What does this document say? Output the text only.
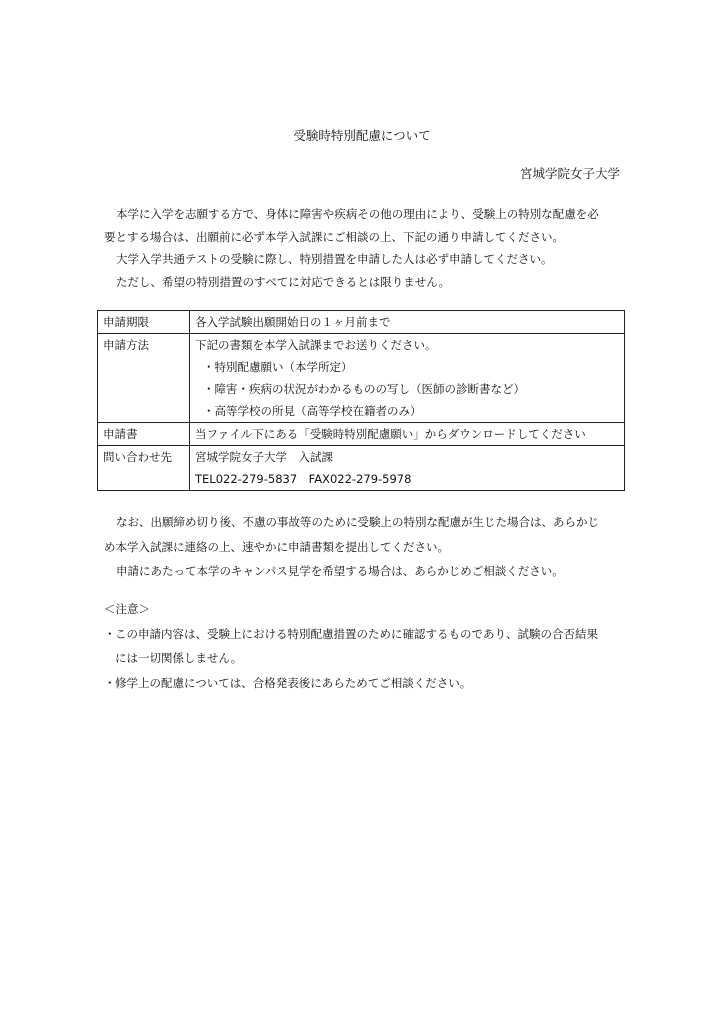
受験時特別配慮について
宮城学院女子大学

本学に入学を志願する方で、身体に障害や疾病その他の理由により、受験上の特別な配慮を必

要とする場合は、出願前に必ず本学入試課にご相談の上、下記の通り申請してください。

大学入学共通テストの受験に際し、特別措置を申請した人は必ず申請してください。

ただし、希望の特別措置のすべてに対応できるとは限りません。

申請期限	各入学試験出願開始日の１ヶ月前まで

申請方法	下記の書類を本学入試課までお送りください。
・特別配慮願い（本学所定）
・障害・疾病の状況がわかるものの写し（医師の診断書など）
・高等学校の所見（高等学校在籍者のみ）

申請書	当ファイル下にある「受験時特別配慮願い」からダウンロードしてください

問い合わせ先	宮城学院女子大学　入試課
TEL022-279-5837　FAX022-279-5978

なお、出願締め切り後、不慮の事故等のために受験上の特別な配慮が生じた場合は、あらかじ

め本学入試課に連絡の上、速やかに申請書類を提出してください。

申請にあたって本学のキャンパス見学を希望する場合は、あらかじめご相談ください。

＜注意＞

・ この申請内容は、受験上における特別配慮措置のために確認するものであり、試験の合否結果

には一切関係しません。

・ 修学上の配慮については、合格発表後にあらためてご相談ください。
